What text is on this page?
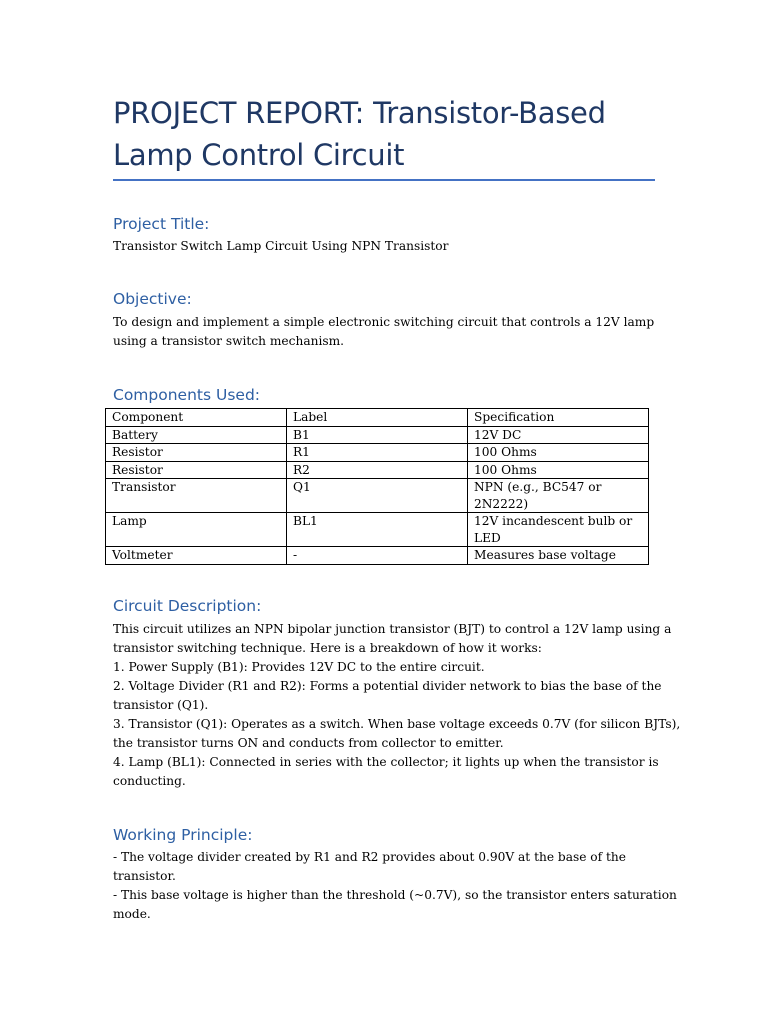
PROJECT REPORT: Transistor-Based
Lamp Control Circuit
Project Title:

Transistor Switch Lamp Circuit Using NPN Transistor

Objective:

To design and implement a simple electronic switching circuit that controls a 12V lamp
using a transistor switch mechanism.

Components Used:
Component	Label	Specification
Battery	B1	12V DC
Resistor	R1	100 Ohms
Resistor	R2	100 Ohms
Transistor	Q1	NPN (e.g., BC547 or
2N2222)

Lamp	BL1	12V incandescent bulb or
LED

Voltmeter	-	Measures base voltage
Circuit Description:

This circuit utilizes an NPN bipolar junction transistor (BJT) to control a 12V lamp using a
transistor switching technique. Here is a breakdown of how it works:
1. Power Supply (B1): Provides 12V DC to the entire circuit.
2. Voltage Divider (R1 and R2): Forms a potential divider network to bias the base of the
transistor (Q1).
3. Transistor (Q1): Operates as a switch. When base voltage exceeds 0.7V (for silicon BJTs),
the transistor turns ON and conducts from collector to emitter.
4. Lamp (BL1): Connected in series with the collector; it lights up when the transistor is
conducting.

Working Principle:

- The voltage divider created by R1 and R2 provides about 0.90V at the base of the
transistor.
- This base voltage is higher than the threshold (~0.7V), so the transistor enters saturation
mode.
